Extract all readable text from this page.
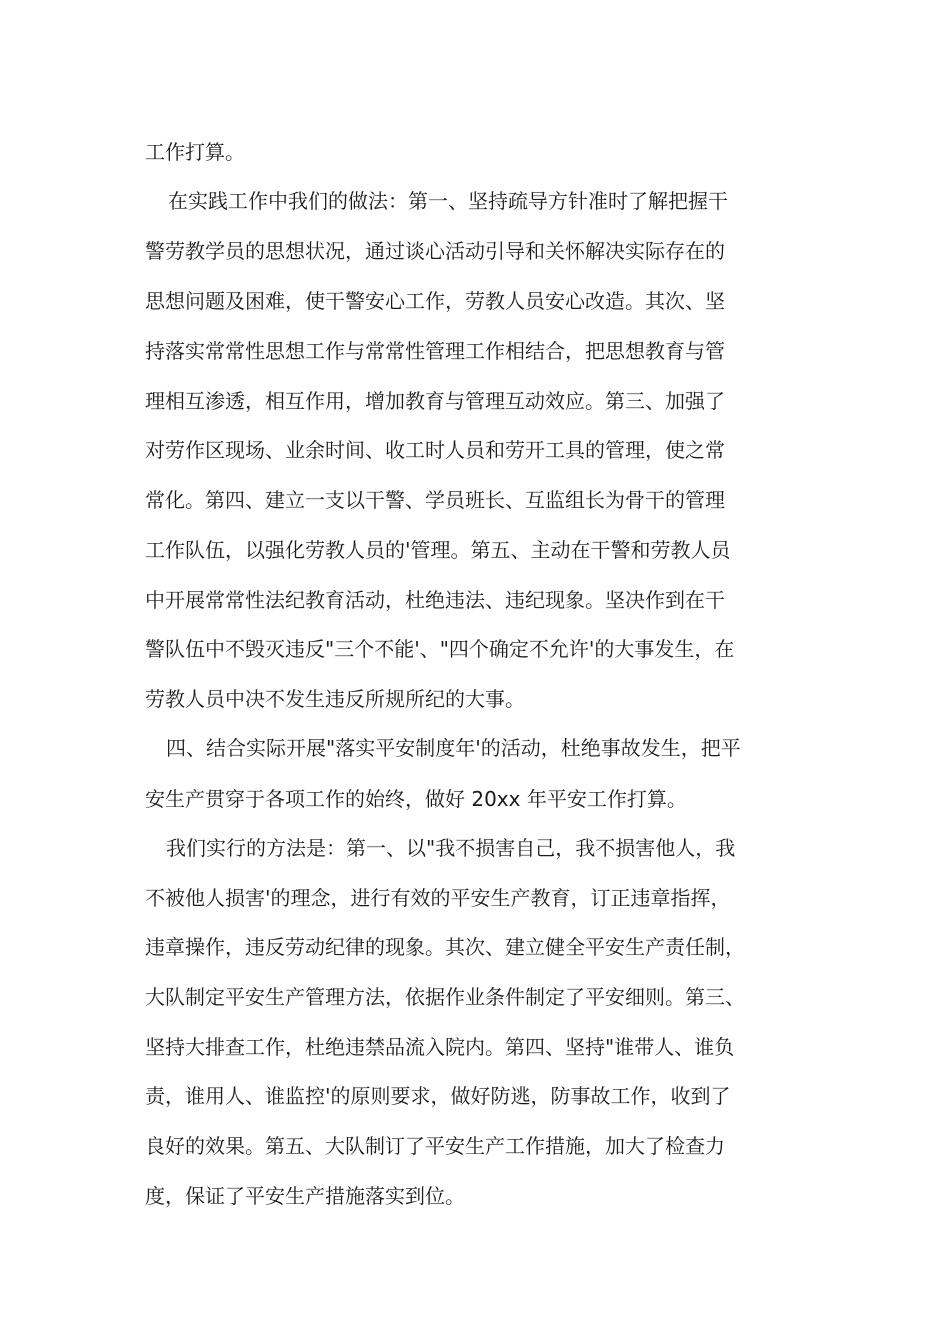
工作打算。

在实践工作中我们的做法：第一、坚持疏导方针准时了解把握干

警劳教学员的思想状况，通过谈心活动引导和关怀解决实际存在的

思想问题及困难，使干警安心工作，劳教人员安心改造。其次、坚

持落实常常性思想工作与常常性管理工作相结合，把思想教育与管

理相互渗透，相互作用，增加教育与管理互动效应。第三、加强了

对劳作区现场、业余时间、收工时人员和劳开工具的管理，使之常

常化。第四、建立一支以干警、学员班长、互监组长为骨干的管理

工作队伍，以强化劳教人员的'管理。第五、主动在干警和劳教人员

中开展常常性法纪教育活动，杜绝违法、违纪现象。坚决作到在干

警队伍中不毁灭违反"三个不能'、"四个确定不允许'的大事发生，在

劳教人员中决不发生违反所规所纪的大事。

四、结合实际开展"落实平安制度年'的活动，杜绝事故发生，把平

安生产贯穿于各项工作的始终，做好 20xx 年平安工作打算。

我们实行的方法是：第一、以"我不损害自己，我不损害他人，我

不被他人损害'的理念，进行有效的平安生产教育，订正违章指挥，

违章操作，违反劳动纪律的现象。其次、建立健全平安生产责任制，

大队制定平安生产管理方法，依据作业条件制定了平安细则。第三、

坚持大排查工作，杜绝违禁品流入院内。第四、坚持"谁带人、谁负

责，谁用人、谁监控'的原则要求，做好防逃，防事故工作，收到了

良好的效果。第五、大队制订了平安生产工作措施，加大了检查力

度，保证了平安生产措施落实到位。
